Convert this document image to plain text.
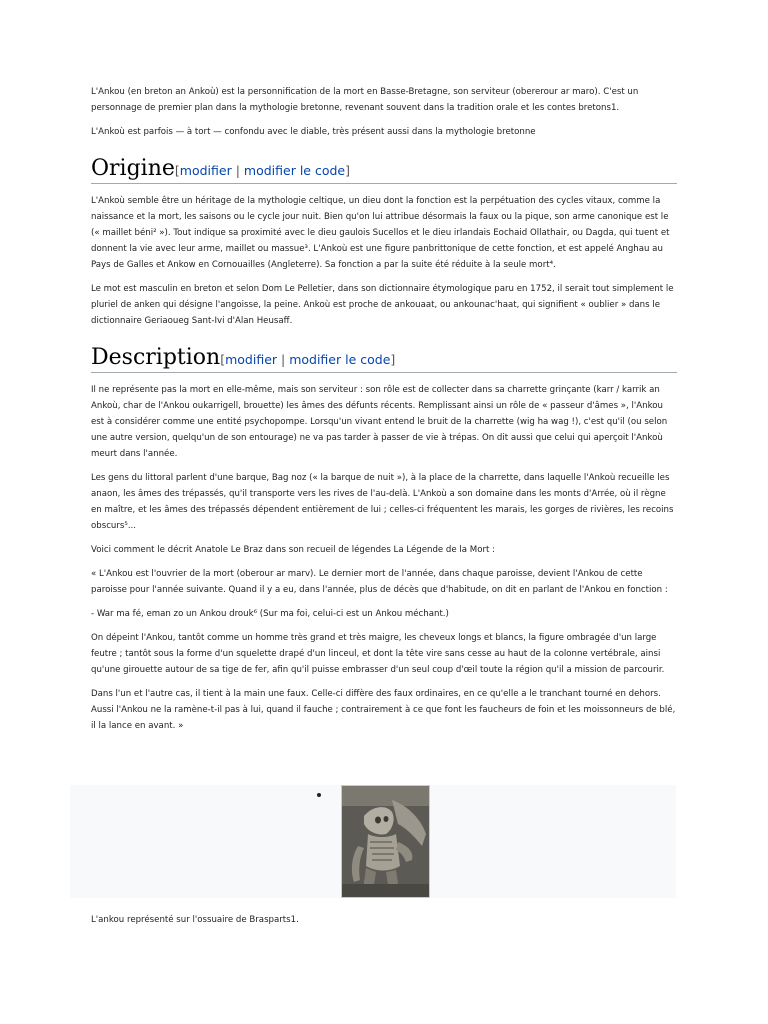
L'Ankou (en breton an Ankoù) est la personnification de la mort en Basse-Bretagne, son serviteur (obererour ar maro). C'est un personnage de premier plan dans la mythologie bretonne, revenant souvent dans la tradition orale et les contes bretons1.

L'Ankoù est parfois — à tort — confondu avec le diable, très présent aussi dans la mythologie bretonne

Origine [modifier | modifier le code]

L'Ankoù semble être un héritage de la mythologie celtique, un dieu dont la fonction est la perpétuation des cycles vitaux, comme la naissance et la mort, les saisons ou le cycle jour nuit. Bien qu'on lui attribue désormais la faux ou la pique, son arme canonique est le (« maillet béni² »). Tout indique sa proximité avec le dieu gaulois Sucellos et le dieu irlandais Eochaid Ollathair, ou Dagda, qui tuent et donnent la vie avec leur arme, maillet ou massue³. L'Ankoù est une figure panbrittonique de cette fonction, et est appelé Anghau au Pays de Galles et Ankow en Cornouailles (Angleterre). Sa fonction a par la suite été réduite à la seule mort⁴.

Le mot est masculin en breton et selon Dom Le Pelletier, dans son dictionnaire étymologique paru en 1752, il serait tout simplement le pluriel de anken qui désigne l'angoisse, la peine. Ankoù est proche de ankouaat, ou ankounac'haat, qui signifient « oublier » dans le dictionnaire Geriaoueg Sant-Ivi d'Alan Heusaff.

Description [modifier | modifier le code]

Il ne représente pas la mort en elle-même, mais son serviteur : son rôle est de collecter dans sa charrette grinçante (karr / karrik an Ankoù, char de l'Ankou oukarrigell, brouette) les âmes des défunts récents. Remplissant ainsi un rôle de « passeur d'âmes », l'Ankou est à considérer comme une entité psychopompe. Lorsqu'un vivant entend le bruit de la charrette (wig ha wag !), c'est qu'il (ou selon une autre version, quelqu'un de son entourage) ne va pas tarder à passer de vie à trépas. On dit aussi que celui qui aperçoit l'Ankoù meurt dans l'année.

Les gens du littoral parlent d'une barque, Bag noz (« la barque de nuit »), à la place de la charrette, dans laquelle l'Ankoù recueille les anaon, les âmes des trépassés, qu'il transporte vers les rives de l'au-delà. L'Ankoù a son domaine dans les monts d'Arrée, où il règne en maître, et les âmes des trépassés dépendent entièrement de lui ; celles-ci fréquentent les marais, les gorges de rivières, les recoins obscurs⁵...

Voici comment le décrit Anatole Le Braz dans son recueil de légendes La Légende de la Mort :

« L'Ankou est l'ouvrier de la mort (oberour ar marv). Le dernier mort de l'année, dans chaque paroisse, devient l'Ankou de cette paroisse pour l'année suivante. Quand il y a eu, dans l'année, plus de décès que d'habitude, on dit en parlant de l'Ankou en fonction :

- War ma fé, eman zo un Ankou drouk⁶ (Sur ma foi, celui-ci est un Ankou méchant.)

On dépeint l'Ankou, tantôt comme un homme très grand et très maigre, les cheveux longs et blancs, la figure ombragée d'un large feutre ; tantôt sous la forme d'un squelette drapé d'un linceul, et dont la tête vire sans cesse au haut de la colonne vertébrale, ainsi qu'une girouette autour de sa tige de fer, afin qu'il puisse embrasser d'un seul coup d'œil toute la région qu'il a mission de parcourir.

Dans l'un et l'autre cas, il tient à la main une faux. Celle-ci diffère des faux ordinaires, en ce qu'elle a le tranchant tourné en dehors. Aussi l'Ankou ne la ramène-t-il pas à lui, quand il fauche ; contrairement à ce que font les faucheurs de foin et les moissonneurs de blé, il la lance en avant. »

L'ankou représenté sur l'ossuaire de Brasparts1.
